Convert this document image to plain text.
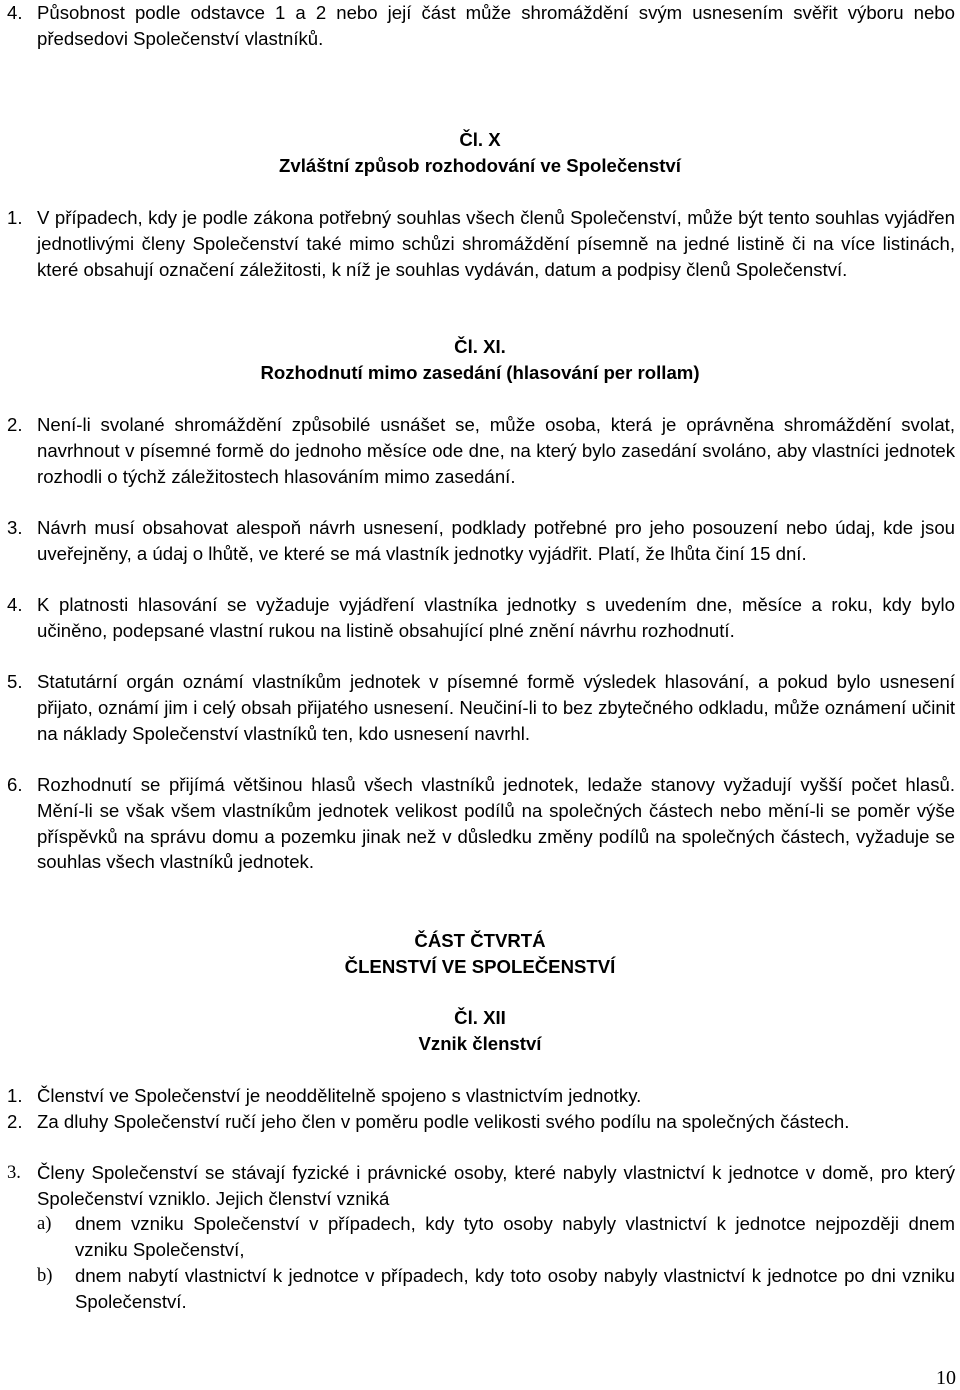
4. Působnost podle odstavce 1 a 2 nebo její část může shromáždění svým usnesením svěřit výboru nebo předsedovi Společenství vlastníků.
Čl. X
Zvláštní způsob rozhodování ve Společenství
1. V případech, kdy je podle zákona potřebný souhlas všech členů Společenství, může být tento souhlas vyjádřen jednotlivými členy Společenství také mimo schůzi shromáždění písemně na jedné listině či na více listinách, které obsahují označení záležitosti, k níž je souhlas vydáván, datum a podpisy členů Společenství.
Čl. XI.
Rozhodnutí mimo zasedání (hlasování per rollam)
2. Není-li svolané shromáždění způsobilé usnášet se, může osoba, která je oprávněna shromáždění svolat, navrhnout v písemné formě do jednoho měsíce ode dne, na který bylo zasedání svoláno, aby vlastníci jednotek rozhodli o týchž záležitostech hlasováním mimo zasedání.
3. Návrh musí obsahovat alespoň návrh usnesení, podklady potřebné pro jeho posouzení nebo údaj, kde jsou uveřejněny, a údaj o lhůtě, ve které se má vlastník jednotky vyjádřit. Platí, že lhůta činí 15 dní.
4. K platnosti hlasování se vyžaduje vyjádření vlastníka jednotky s uvedením dne, měsíce a roku, kdy bylo učiněno, podepsané vlastní rukou na listině obsahující plné znění návrhu rozhodnutí.
5. Statutární orgán oznámí vlastníkům jednotek v písemné formě výsledek hlasování, a pokud bylo usnesení přijato, oznámí jim i celý obsah přijatého usnesení. Neučiní-li to bez zbytečného odkladu, může oznámení učinit na náklady Společenství vlastníků ten, kdo usnesení navrhl.
6. Rozhodnutí se přijímá většinou hlasů všech vlastníků jednotek, ledaže stanovy vyžadují vyšší počet hlasů. Mění-li se však všem vlastníkům jednotek velikost podílů na společných částech nebo mění-li se poměr výše příspěvků na správu domu a pozemku jinak než v důsledku změny podílů na společných částech, vyžaduje se souhlas všech vlastníků jednotek.
ČÁST ČTVRTÁ
ČLENSTVÍ VE SPOLEČENSTVÍ
Čl. XII
Vznik členství
1. Členství ve Společenství je neoddělitelně spojeno s vlastnictvím jednotky.
2. Za dluhy Společenství ručí jeho člen v poměru podle velikosti svého podílu na společných částech.
3. Členy Společenství se stávají fyzické i právnické osoby, které nabyly vlastnictví k jednotce v domě, pro který Společenství vzniklo. Jejich členství vzniká
a)	dnem vzniku Společenství v případech, kdy tyto osoby nabyly vlastnictví k jednotce nejpozději dnem vzniku Společenství,
b)	dnem nabytí vlastnictví k jednotce v případech, kdy toto osoby nabyly vlastnictví k jednotce po dni vzniku Společenství.
10
